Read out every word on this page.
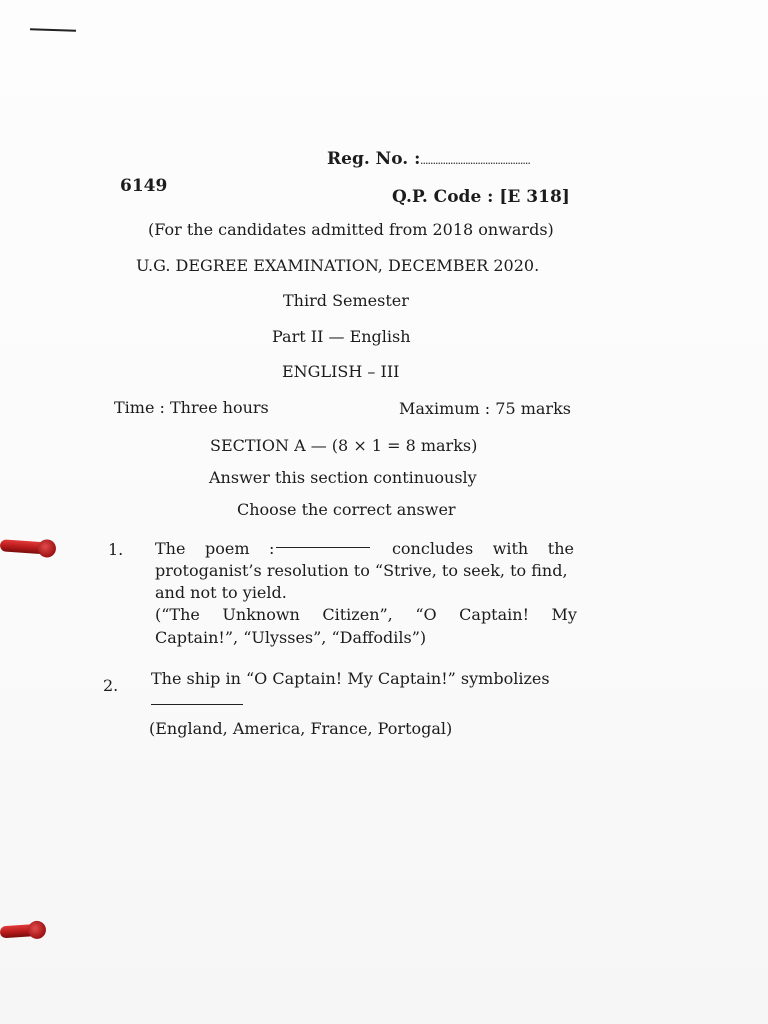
Reg. No. : ............................................
6149
Q.P. Code : [E 318]
(For the candidates admitted from 2018 onwards)
U.G. DEGREE EXAMINATION, DECEMBER 2020.
Third Semester
Part II — English
ENGLISH – III
Time : Three hours	Maximum : 75 marks
SECTION A — (8 × 1 = 8 marks)
Answer this section continuously
Choose the correct answer
1. The poem :	concludes with the
protoganist’s resolution to “Strive, to seek, to find,
and not to yield.
(“The Unknown Citizen”, “O Captain! My
Captain!”, “Ulysses”, “Daffodils”)
2. The ship in “O Captain! My Captain!” symbolizes
(England, America, France, Portogal)
